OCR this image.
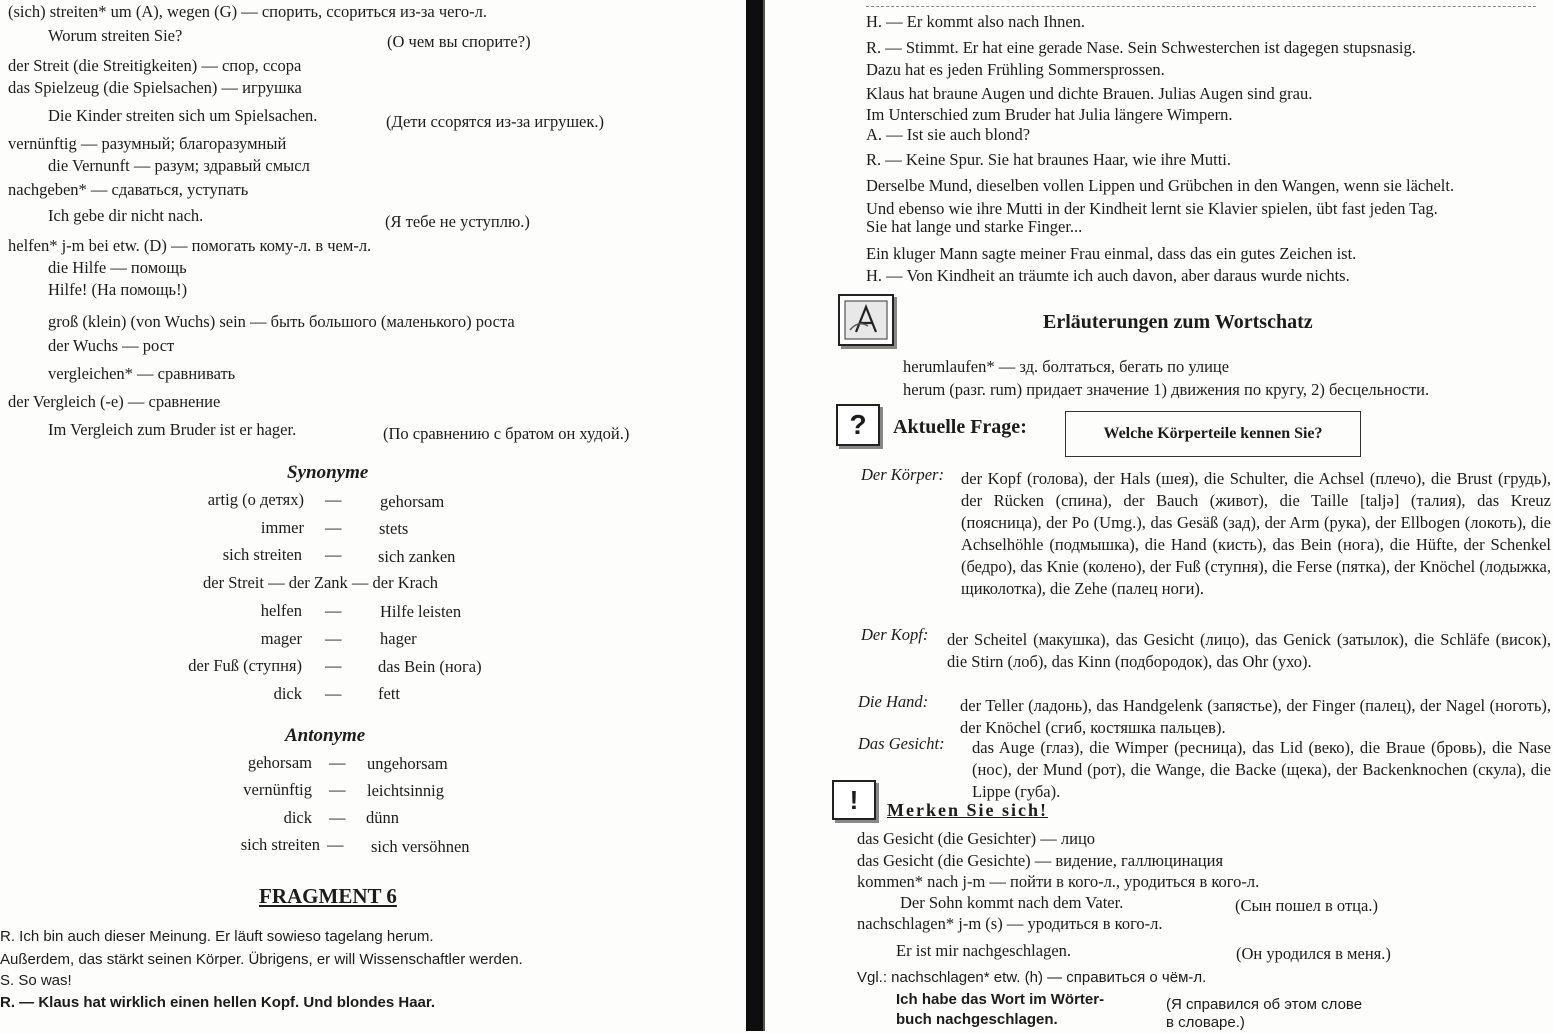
(sich) streiten* um (A), wegen (G) — спорить, ссориться из-за чего-л.
Worum streiten Sie?	(О чем вы спорите?)
der Streit (die Streitigkeiten) — спор, ссора
das Spielzeug (die Spielsachen) — игрушка
Die Kinder streiten sich um Spielsachen.	(Дети ссорятся из-за игрушек.)
vernünftig — разумный; благоразумный
die Vernunft — разум; здравый смысл
nachgeben* — сдаваться, уступать
Ich gebe dir nicht nach.	(Я тебе не уступлю.)
helfen* j-m bei etw. (D) — помогать кому-л. в чем-л.
die Hilfe — помощь
Hilfe! (На помощь!)
groß (klein) (von Wuchs) sein — быть большого (маленького) роста
der Wuchs — рост
vergleichen* — сравнивать
der Vergleich (-e) — сравнение
Im Vergleich zum Bruder ist er hager.	(По сравнению с братом он худой.)
Synonyme
artig (о детях) — gehorsam
immer — stets
sich streiten — sich zanken
der Streit — der Zank — der Krach
helfen — Hilfe leisten
mager — hager
der Fuß (ступня) — das Bein (нога)
dick — fett
Antonyme
gehorsam — ungehorsam
vernünftig — leichtsinnig
dick — dünn
sich streiten — sich versöhnen
FRAGMENT 6
R. Ich bin auch dieser Meinung. Er läuft sowieso tagelang herum.
Außerdem, das stärkt seinen Körper. Übrigens, er will Wissenschaftler werden.
S. So was!
R. — Klaus hat wirklich einen hellen Kopf. Und blondes Haar.
H. — Er kommt also nach Ihnen.
R. — Stimmt. Er hat eine gerade Nase. Sein Schwesterchen ist dagegen stupsnasig.
Dazu hat es jeden Frühling Sommersprossen.
Klaus hat braune Augen und dichte Brauen. Julias Augen sind grau.
Im Unterschied zum Bruder hat Julia längere Wimpern.
A. — Ist sie auch blond?
R. — Keine Spur. Sie hat braunes Haar, wie ihre Mutti.
Derselbe Mund, dieselben vollen Lippen und Grübchen in den Wangen, wenn sie lächelt.
Und ebenso wie ihre Mutti in der Kindheit lernt sie Klavier spielen, übt fast jeden Tag.
Sie hat lange und starke Finger...
Ein kluger Mann sagte meiner Frau einmal, dass das ein gutes Zeichen ist.
H. — Von Kindheit an träumte ich auch davon, aber daraus wurde nichts.
Erläuterungen zum Wortschatz
herumlaufen* — зд. болтаться, бегать по улице
herum (разг. rum) придает значение 1) движения по кругу, 2) бесцельности.
?	Aktuelle Frage:	Welche Körperteile kennen Sie?
Der Körper: der Kopf (голова), der Hals (шея), die Schulter, die Achsel (плечо), die Brust (грудь), der Rücken (спина), der Bauch (живот), die Taille [taljə] (талия), das Kreuz (поясница), der Po (Umg.), das Gesäß (зад), der Arm (рука), der Ellbogen (локоть), die Achselhöhle (подмышка), die Hand (кисть), das Bein (нога), die Hüfte, der Schenkel (бедро), das Knie (колено), der Fuß (ступня), die Ferse (пятка), der Knöchel (лодыжка, щиколотка), die Zehe (палец ноги).
Der Kopf: der Scheitel (макушка), das Gesicht (лицо), das Genick (затылок), die Schläfe (висок), die Stirn (лоб), das Kinn (подбородок), das Ohr (ухо).
Die Hand: der Teller (ладонь), das Handgelenk (запястье), der Finger (палец), der Nagel (ноготь), der Knöchel (сгиб, костяшка пальцев).
Das Gesicht: das Auge (глаз), die Wimper (ресница), das Lid (веко), die Braue (бровь), die Nase (нос), der Mund (рот), die Wange, die Backe (щека), der Backenknochen (скула), die Lippe (губа).
!	Merken Sie sich!
das Gesicht (die Gesichter) — лицо
das Gesicht (die Gesichte) — видение, галлюцинация
kommen* nach j-m — пойти в кого-л., уродиться в кого-л.
Der Sohn kommt nach dem Vater.	(Сын пошел в отца.)
nachschlagen* j-m (s) — уродиться в кого-л.
Er ist mir nachgeschlagen.	(Он уродился в меня.)
Vgl.: nachschlagen* etw. (h) — справиться о чём-л.
Ich habe das Wort im Wörter-	(Я справился об этом слове
buch nachgeschlagen.	в словаре.)
